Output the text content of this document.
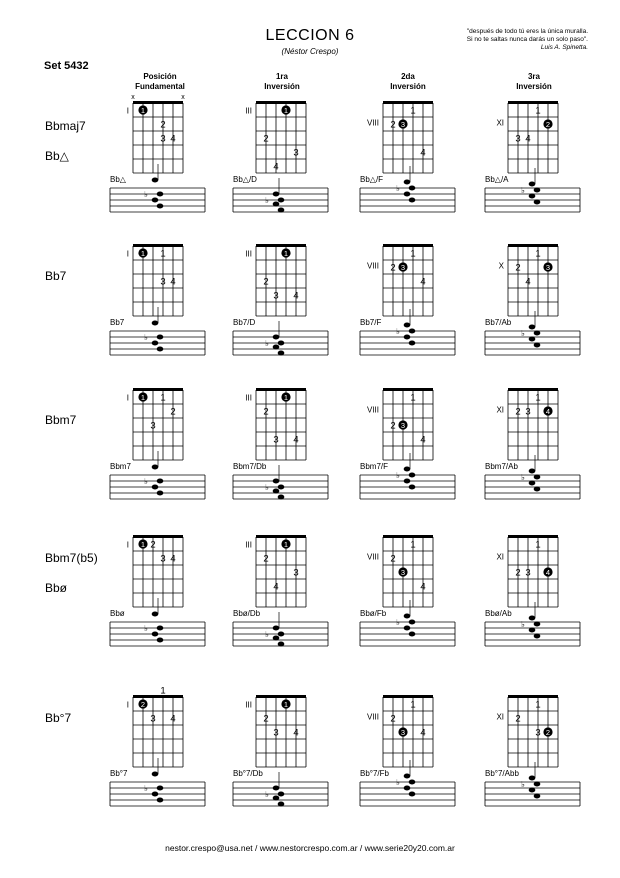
LECCION 6
(Néstor Crespo)
"después de todo tú eres la única muralla.
Si no te saltas nunca darás un solo paso".
Luis A. Spinetta.
Set 5432
Posición
Fundamental
1ra
Inversión
2da
Inversión
3ra
Inversión
Bbmaj7
Bb△
I
x	x
1
2
3 4
III	1
2
3
4
VIII
1
2 3
4
XI
1
2
3 4
Bb△
♭
Bb△/D
♭
Bb△/F
♭
Bb△/A
♭
Bb7
I 1 1
3 4
III	1
2
3 4
VIII
1
2 3
4
X
1
2	3
4
Bb7
♭
Bb7/D
♭
Bb7/F
♭
Bb7/Ab
♭
Bbm7
I 1 1
2
3
III	1
2
3 4
VIII
1
2 3
4
XI
1
2 3 4
Bbm7
♭
Bbm7/Db
♭
Bbm7/F
♭
Bbm7/Ab
♭
Bbm7(b5)
Bbø
I 1 2
3 4
III	1
2
3
4
VIII
1
2
3
4
XI
1
2 3 4
Bbø
♭
Bbø/Db
♭
Bbø/Fb
♭
Bbø/Ab
♭
Bb°7
I
1
2
3 4
III	1
2
3 4
VIII
1
2
3 4
XI
1
2
3 2
Bb°7
♭
Bb°7/Db
♭
Bb°7/Fb
♭
Bb°7/Abb
♭
nestor.crespo@usa.net / www.nestorcrespo.com.ar / www.serie20y20.com.ar
